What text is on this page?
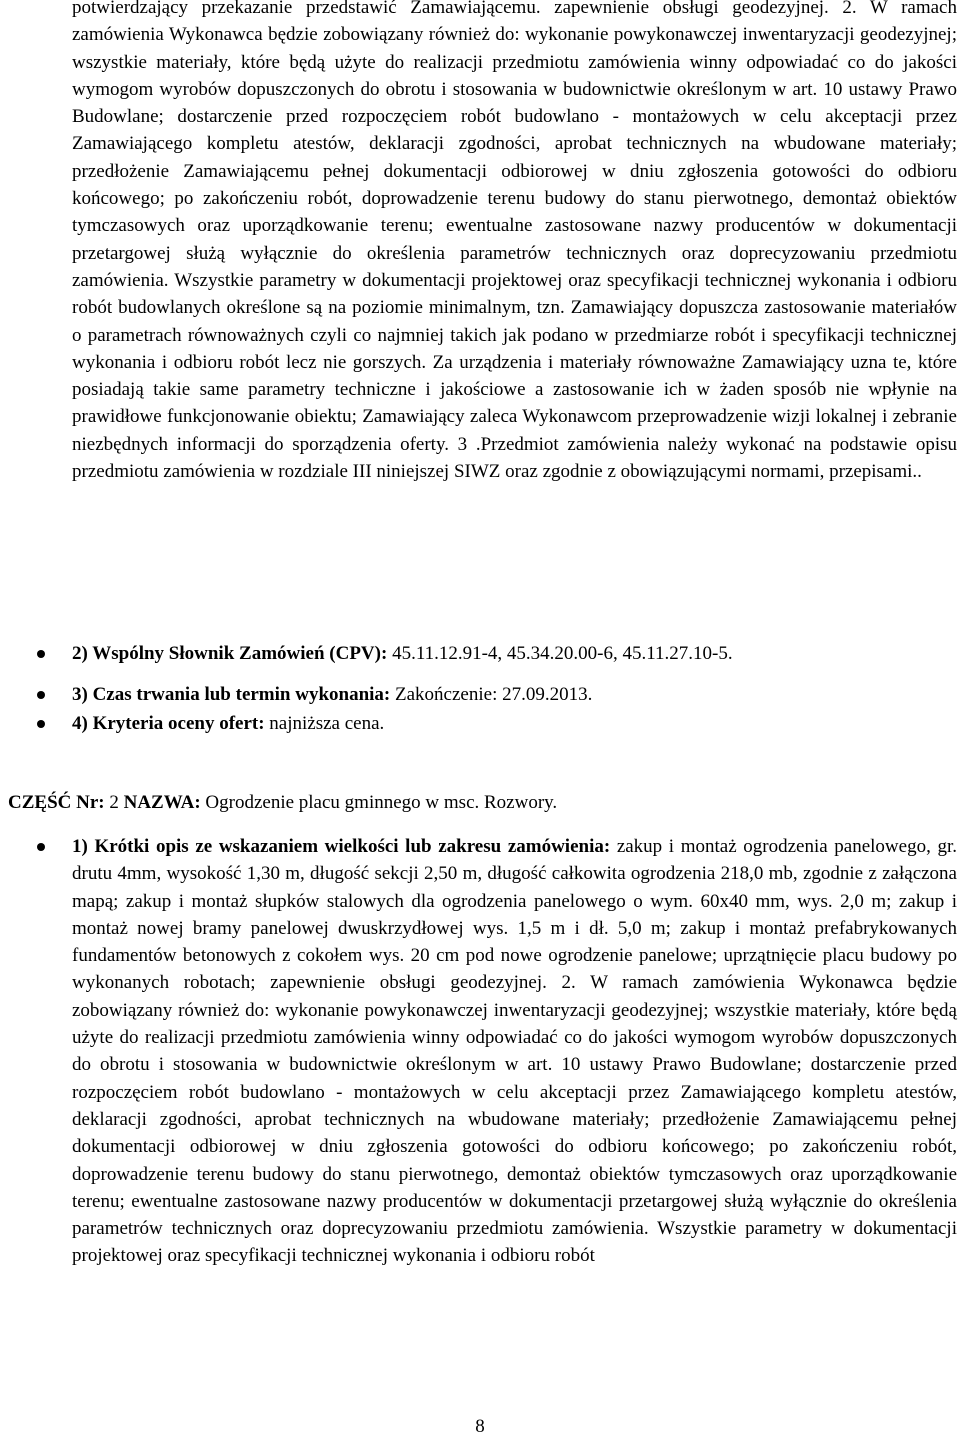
potwierdzający przekazanie przedstawić Zamawiającemu. zapewnienie obsługi geodezyjnej. 2. W ramach zamówienia Wykonawca będzie zobowiązany również do: wykonanie powykonawczej inwentaryzacji geodezyjnej; wszystkie materiały, które będą użyte do realizacji przedmiotu zamówienia winny odpowiadać co do jakości wymogom wyrobów dopuszczonych do obrotu i stosowania w budownictwie określonym w art. 10 ustawy Prawo Budowlane; dostarczenie przed rozpoczęciem robót budowlano - montażowych w celu akceptacji przez Zamawiającego kompletu atestów, deklaracji zgodności, aprobat technicznych na wbudowane materiały; przedłożenie Zamawiającemu pełnej dokumentacji odbiorowej w dniu zgłoszenia gotowości do odbioru końcowego; po zakończeniu robót, doprowadzenie terenu budowy do stanu pierwotnego, demontaż obiektów tymczasowych oraz uporządkowanie terenu; ewentualne zastosowane nazwy producentów w dokumentacji przetargowej służą wyłącznie do określenia parametrów technicznych oraz doprecyzowaniu przedmiotu zamówienia. Wszystkie parametry w dokumentacji projektowej oraz specyfikacji technicznej wykonania i odbioru robót budowlanych określone są na poziomie minimalnym, tzn. Zamawiający dopuszcza zastosowanie materiałów o parametrach równoważnych czyli co najmniej takich jak podano w przedmiarze robót i specyfikacji technicznej wykonania i odbioru robót lecz nie gorszych. Za urządzenia i materiały równoważne Zamawiający uzna te, które posiadają takie same parametry techniczne i jakościowe a zastosowanie ich w żaden sposób nie wpłynie na prawidłowe funkcjonowanie obiektu; Zamawiający zaleca Wykonawcom przeprowadzenie wizji lokalnej i zebranie niezbędnych informacji do sporządzenia oferty. 3 .Przedmiot zamówienia należy wykonać na podstawie opisu przedmiotu zamówienia w rozdziale III niniejszej SIWZ oraz zgodnie z obowiązującymi normami, przepisami..

2) Wspólny Słownik Zamówień (CPV): 45.11.12.91-4, 45.34.20.00-6, 45.11.27.10-5.
3) Czas trwania lub termin wykonania: Zakończenie: 27.09.2013.
4) Kryteria oceny ofert: najniższa cena.

CZĘŚĆ Nr: 2 NAZWA: Ogrodzenie placu gminnego w msc. Rozwory.

1) Krótki opis ze wskazaniem wielkości lub zakresu zamówienia: zakup i montaż ogrodzenia panelowego, gr. drutu 4mm, wysokość 1,30 m, długość sekcji 2,50 m, długość całkowita ogrodzenia 218,0 mb, zgodnie z załączona mapą; zakup i montaż słupków stalowych dla ogrodzenia panelowego o wym. 60x40 mm, wys. 2,0 m; zakup i montaż nowej bramy panelowej dwuskrzydłowej wys. 1,5 m i dł. 5,0 m; zakup i montaż prefabrykowanych fundamentów betonowych z cokołem wys. 20 cm pod nowe ogrodzenie panelowe; uprzątnięcie placu budowy po wykonanych robotach; zapewnienie obsługi geodezyjnej. 2. W ramach zamówienia Wykonawca będzie zobowiązany również do: wykonanie powykonawczej inwentaryzacji geodezyjnej; wszystkie materiały, które będą użyte do realizacji przedmiotu zamówienia winny odpowiadać co do jakości wymogom wyrobów dopuszczonych do obrotu i stosowania w budownictwie określonym w art. 10 ustawy Prawo Budowlane; dostarczenie przed rozpoczęciem robót budowlano - montażowych w celu akceptacji przez Zamawiającego kompletu atestów, deklaracji zgodności, aprobat technicznych na wbudowane materiały; przedłożenie Zamawiającemu pełnej dokumentacji odbiorowej w dniu zgłoszenia gotowości do odbioru końcowego; po zakończeniu robót, doprowadzenie terenu budowy do stanu pierwotnego, demontaż obiektów tymczasowych oraz uporządkowanie terenu; ewentualne zastosowane nazwy producentów w dokumentacji przetargowej służą wyłącznie do określenia parametrów technicznych oraz doprecyzowaniu przedmiotu zamówienia. Wszystkie parametry w dokumentacji projektowej oraz specyfikacji technicznej wykonania i odbioru robót

8
